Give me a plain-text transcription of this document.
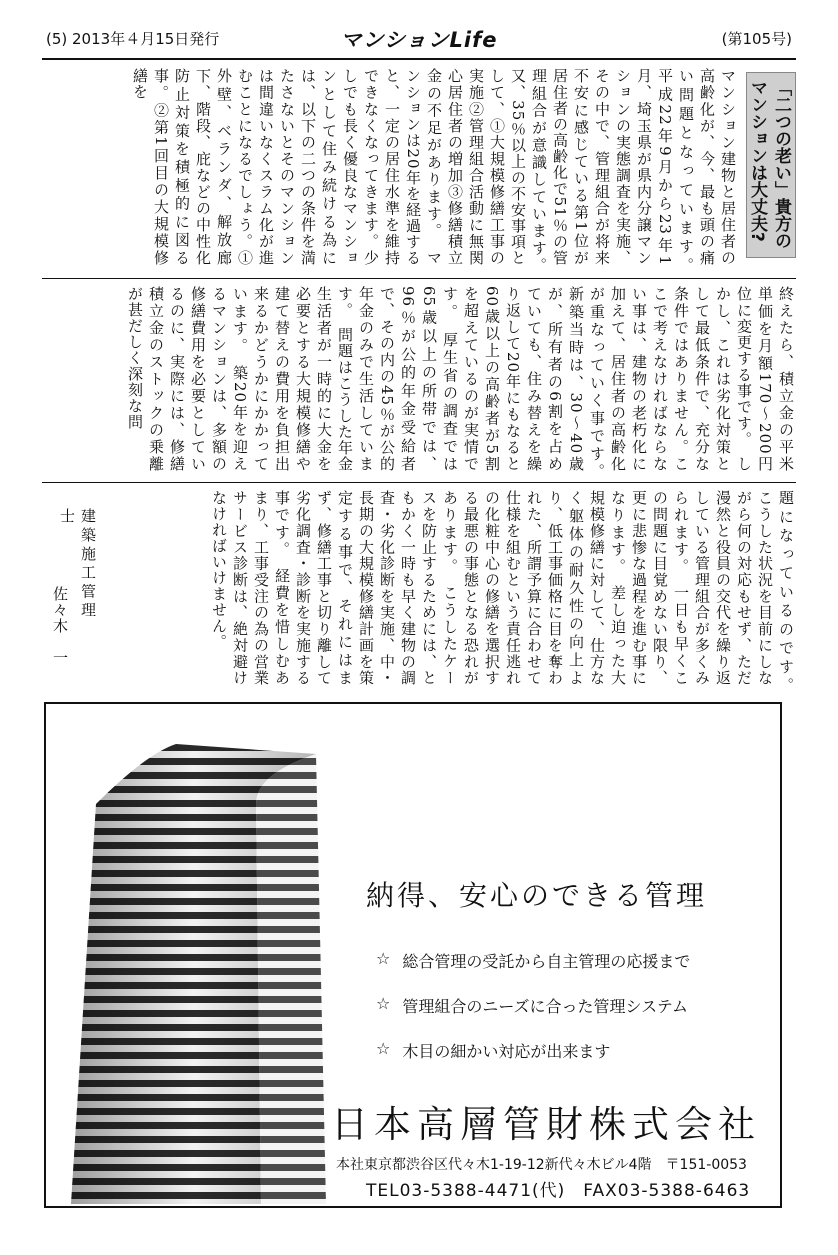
(5) 2013年４月15日発行	マンションLife	(第105号)
「二つの老い」貴方の
マンションは大丈夫?
マンション建物と居住者の高齢化が、今、最も頭の痛い問題となっています。　平成22年9月から23年1月、埼玉県が県内分譲マンションの実態調査を実施、その中で、管理組合が将来不安に感じている第1位が居住者の高齢化で51％の管理組合が意識しています。　又、35％以上の不安事項として、①大規模修繕工事の実施②管理組合活動に無関心居住者の増加③修繕積立金の不足があります。　マンションは20年を経過すると、一定の居住水準を維持できなくなってきます。少しでも長く優良なマンションとして住み続ける為には、以下の二つの条件を満たさないとそのマンションは間違いなくスラム化が進むことになるでしょう。①外壁、ベランダ、解放廊下、階段、庇などの中性化防止対策を積極的に図る事。②第1回目の大規模修繕を
終えたら、積立金の平米単価を月額170〜200円位に変更する事です。　しかし、これは劣化対策として最低条件で、充分な条件ではありません。ここで考えなければならない事は、建物の老朽化に加えて、居住者の高齢化が重なっていく事です。　新築当時は、30〜40歳が、所有者の6割を占めていても、住み替えを繰り返して20年にもなると60歳以上の高齢者が5割を超えているのが実情です。　厚生省の調査では65歳以上の所帯では、96％が公的年金受給者で、その内の45％が公的年金のみで生活しています。　問題はこうした年金生活者が一時的に大金を必要とする大規模修繕や建て替えの費用を負担出来るかどうかにかかっています。　築20年を迎えるマンションは、多額の修繕費用を必要としているのに、実際には、修繕積立金のストックの乗離が甚だしく深刻な問
題になっているのです。　こうした状況を目前にしながら何の対応もせず、ただ漫然と役員の交代を繰り返している管理組合が多くみられます。　一日も早くこの問題に目覚めない限り、更に悲惨な過程を進む事になります。　差し迫った大規模修繕に対して、仕方なく躯体の耐久性の向上より、低工事価格に目を奪われた、所謂予算に合わせて仕様を組むという責任逃れの化粧中心の修繕を選択する最悪の事態となる恐れがあります。　こうしたケースを防止するためには、ともかく一時も早く建物の調査・劣化診断を実施、中・長期の大規模修繕計画を策定する事で、それにはまず、修繕工事と切り離して劣化調査・診断を実施する事です。　経費を惜しむあまり、工事受注の為の営業サービス診断は、絶対避けなければいけません。
建築施工管理士
佐々木　一
納得、安心のできる管理
☆ 総合管理の受託から自主管理の応援まで
☆ 管理組合のニーズに合った管理システム
☆ 木目の細かい対応が出来ます
日本高層管財株式会社
本社東京都渋谷区代々木1-19-12新代々木ビル4階　〒151-0053
TEL03-5388-4471(代)　FAX03-5388-6463
